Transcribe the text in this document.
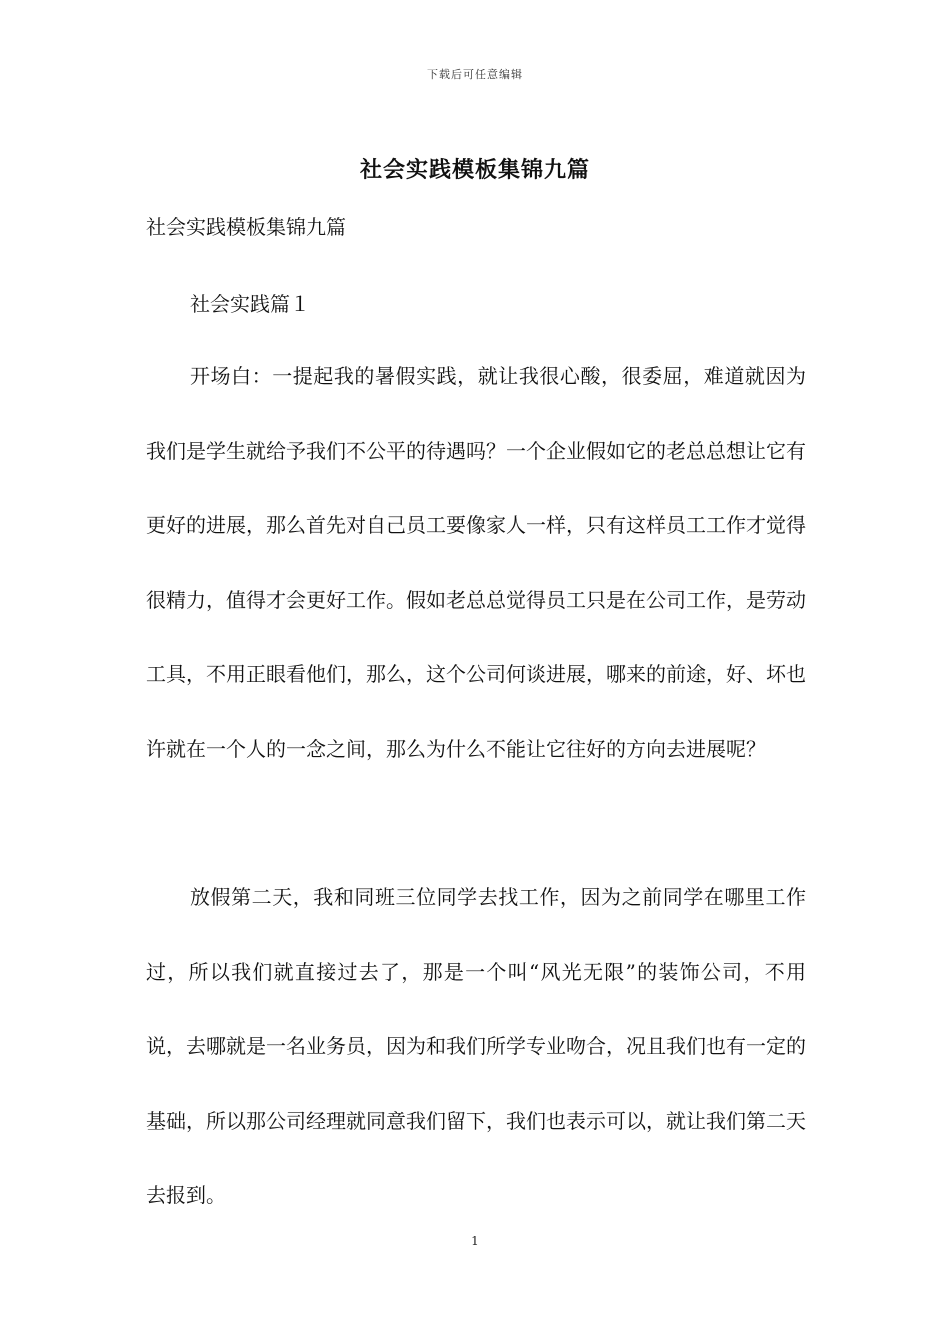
下载后可任意编辑
社会实践模板集锦九篇
社会实践模板集锦九篇
社会实践篇１

开场白：一提起我的暑假实践，就让我很心酸，很委屈，难道就因为我们是学生就给予我们不公平的待遇吗？一个企业假如它的老总总想让它有更好的进展，那么首先对自己员工要像家人一样，只有这样员工工作才觉得很精力，值得才会更好工作。假如老总总觉得员工只是在公司工作，是劳动工具，不用正眼看他们，那么，这个公司何谈进展，哪来的前途，好、坏也许就在一个人的一念之间，那么为什么不能让它往好的方向去进展呢？

放假第二天，我和同班三位同学去找工作，因为之前同学在哪里工作过，所以我们就直接过去了，那是一个叫“风光无限”的装饰公司，不用说，去哪就是一名业务员，因为和我们所学专业吻合，况且我们也有一定的基础，所以那公司经理就同意我们留下，我们也表示可以，就让我们第二天去报到。

1
